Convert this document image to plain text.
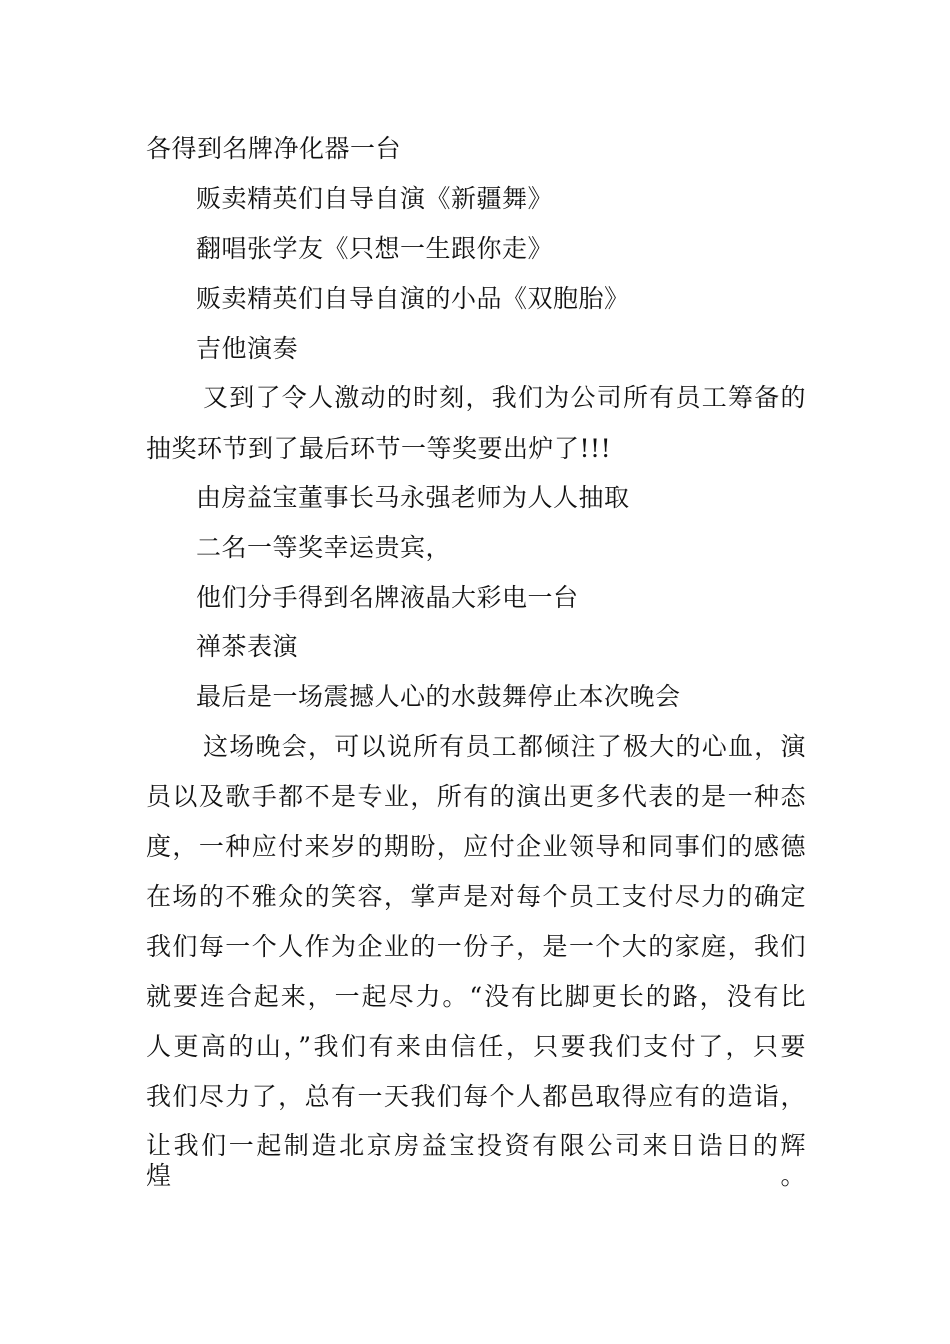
各得到名牌净化器一台
贩卖精英们自导自演《新疆舞》
翻唱张学友《只想一生跟你走》
贩卖精英们自导自演的小品《双胞胎》
吉他演奏
又到了令人激动的时刻，我们为公司所有员工筹备的
抽奖环节到了最后环节一等奖要出炉了!!!
由房益宝董事长马永强老师为人人抽取
二名一等奖幸运贵宾，
他们分手得到名牌液晶大彩电一台
禅茶表演
最后是一场震撼人心的水鼓舞停止本次晚会
这场晚会，可以说所有员工都倾注了极大的心血，演
员以及歌手都不是专业，所有的演出更多代表的是一种态
度，一种应付来岁的期盼，应付企业领导和同事们的感德
在场的不雅众的笑容，掌声是对每个员工支付尽力的确定
我们每一个人作为企业的一份子，是一个大的家庭，我们
就要连合起来，一起尽力。“没有比脚更长的路，没有比
人更高的山，”我们有来由信任，只要我们支付了，只要
我们尽力了，总有一天我们每个人都邑取得应有的造诣，
让我们一起制造北京房益宝投资有限公司来日诰日的辉煌。
